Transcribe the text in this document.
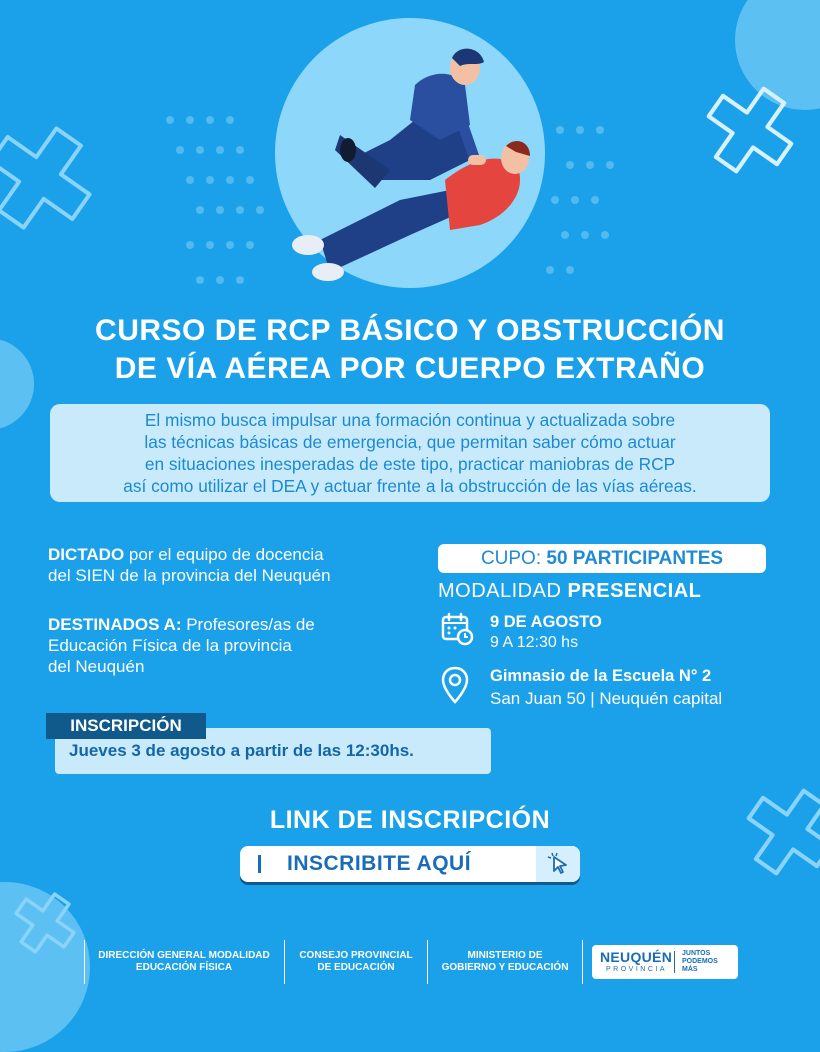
CURSO DE RCP BÁSICO Y OBSTRUCCIÓN
DE VÍA AÉREA POR CUERPO EXTRAÑO
El mismo busca impulsar una formación continua y actualizada sobre
las técnicas básicas de emergencia, que permitan saber cómo actuar
en situaciones inesperadas de este tipo, practicar maniobras de RCP
así como utilizar el DEA y actuar frente a la obstrucción de las vías aéreas.
DICTADO por el equipo de docencia
del SIEN de la provincia del Neuquén
DESTINADOS A: Profesores/as de
Educación Física de la provincia
del Neuquén
CUPO: 50 PARTICIPANTES
MODALIDAD PRESENCIAL
9 DE AGOSTO
9 A 12:30 hs
Gimnasio de la Escuela N° 2
San Juan 50 | Neuquén capital
Jueves 3 de agosto a partir de las 12:30hs.
INSCRIPCIÓN
LINK DE INSCRIPCIÓN
INSCRIBITE AQUÍ
DIRECCIÓN GENERAL MODALIDAD
EDUCACIÓN FÍSICA
CONSEJO PROVINCIAL
DE EDUCACIÓN
MINISTERIO DE
GOBIERNO Y EDUCACIÓN
NEUQUÉN
PROVINCIA
JUNTOS
PODEMOS
MÁS
